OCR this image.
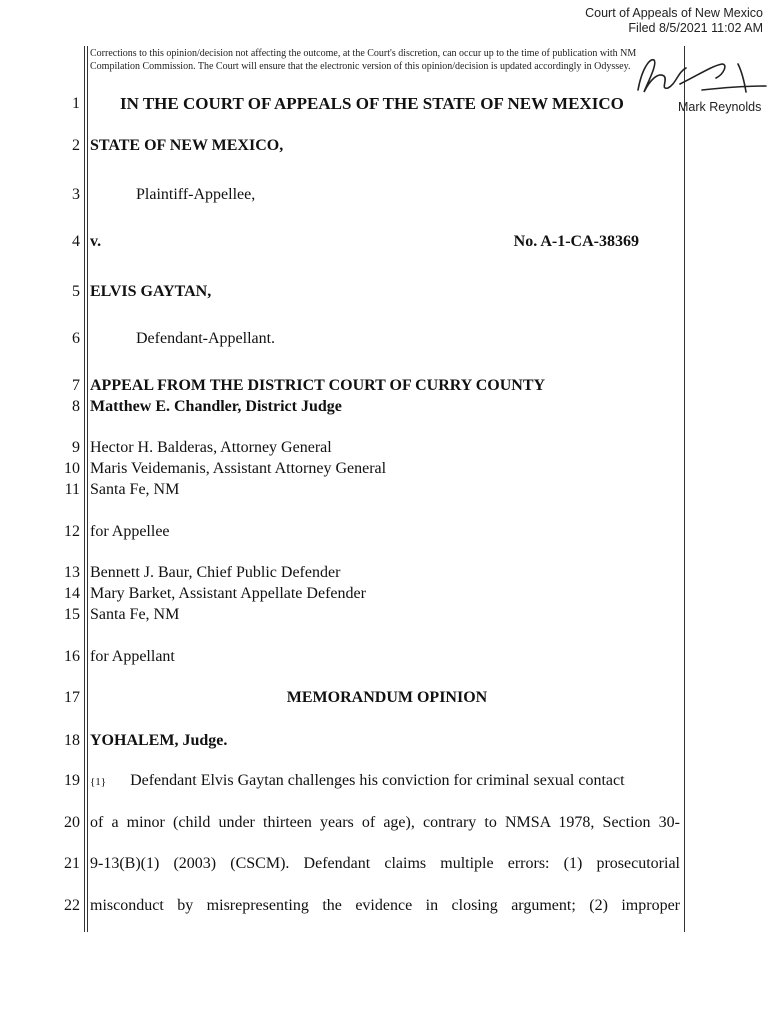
Court of Appeals of New Mexico
Filed 8/5/2021 11:02 AM
Corrections to this opinion/decision not affecting the outcome, at the Court's discretion, can occur up to the time of publication with NM Compilation Commission. The Court will ensure that the electronic version of this opinion/decision is updated accordingly in Odyssey.
Mark Reynolds
1 IN THE COURT OF APPEALS OF THE STATE OF NEW MEXICO
2 STATE OF NEW MEXICO,
3	Plaintiff-Appellee,
4 v.	No. A-1-CA-38369
5 ELVIS GAYTAN,
6	Defendant-Appellant.
7 APPEAL FROM THE DISTRICT COURT OF CURRY COUNTY
8 Matthew E. Chandler, District Judge
9 Hector H. Balderas, Attorney General
10 Maris Veidemanis, Assistant Attorney General
11 Santa Fe, NM
12 for Appellee
13 Bennett J. Baur, Chief Public Defender
14 Mary Barket, Assistant Appellate Defender
15 Santa Fe, NM
16 for Appellant
17	MEMORANDUM OPINION
18 YOHALEM, Judge.
19 {1} Defendant Elvis Gaytan challenges his conviction for criminal sexual contact
20 of a minor (child under thirteen years of age), contrary to NMSA 1978, Section 30-
21 9-13(B)(1) (2003) (CSCM). Defendant claims multiple errors: (1) prosecutorial
22 misconduct by misrepresenting the evidence in closing argument; (2) improper
